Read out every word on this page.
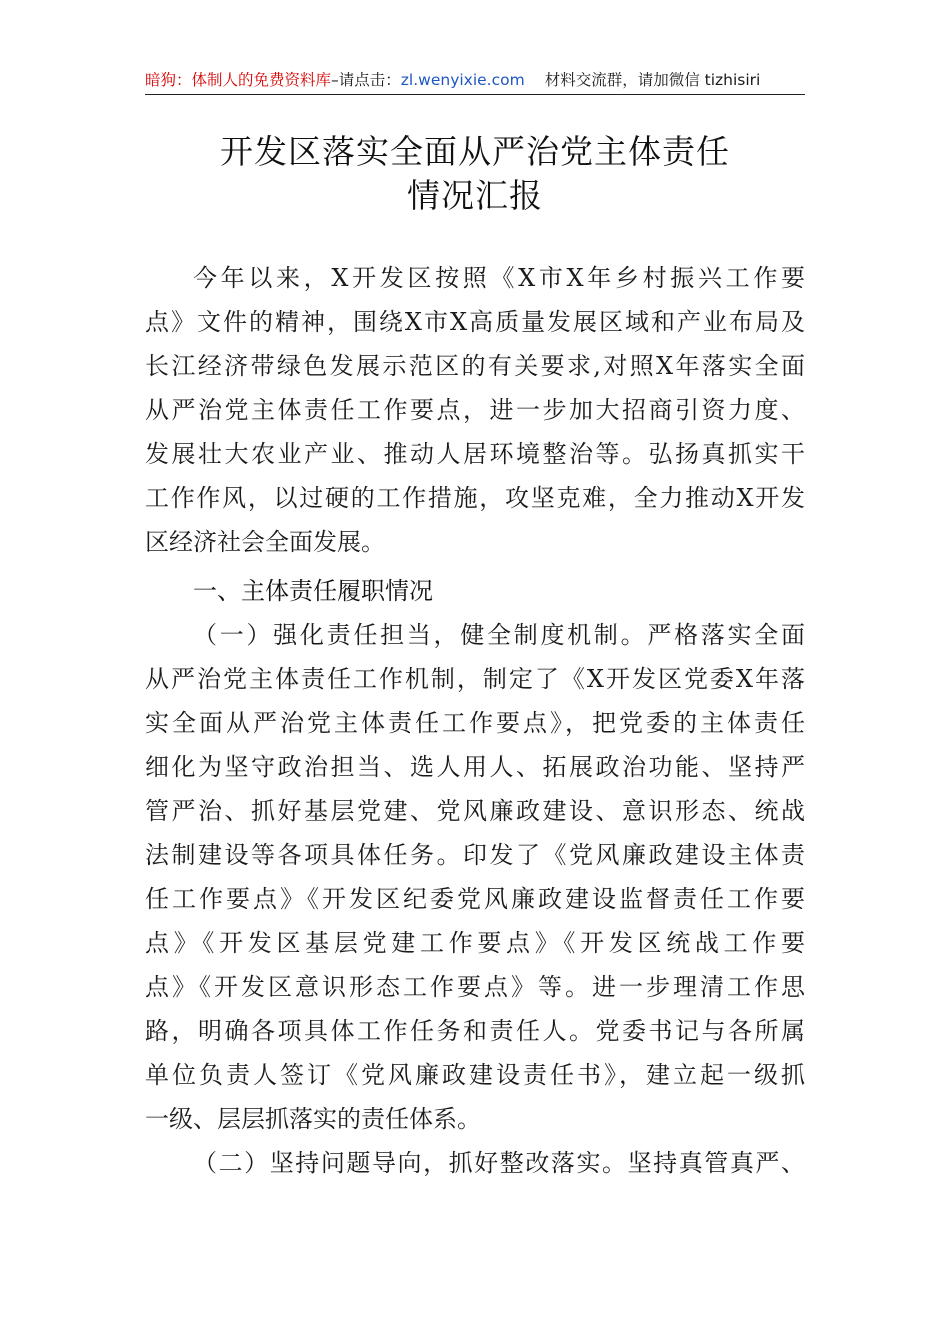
暗狗：体制人的免费资料库–请点击：zl.wenyixie.com 材料交流群，请加微信 tizhisiri
开发区落实全面从严治党主体责任
情况汇报
今年以来，X开发区按照《X市X年乡村振兴工作要
点》文件的精神，围绕X市X高质量发展区域和产业布局及
长江经济带绿色发展示范区的有关要求,对照X年落实全面
从严治党主体责任工作要点，进一步加大招商引资力度、
发展壮大农业产业、推动人居环境整治等。弘扬真抓实干
工作作风，以过硬的工作措施，攻坚克难，全力推动X开发
区经济社会全面发展。
一、主体责任履职情况
（一）强化责任担当，健全制度机制。严格落实全面
从严治党主体责任工作机制，制定了《X开发区党委X年落
实全面从严治党主体责任工作要点》，把党委的主体责任
细化为坚守政治担当、选人用人、拓展政治功能、坚持严
管严治、抓好基层党建、党风廉政建设、意识形态、统战
法制建设等各项具体任务。印发了《党风廉政建设主体责
任工作要点》《开发区纪委党风廉政建设监督责任工作要
点》《开发区基层党建工作要点》《开发区统战工作要
点》《开发区意识形态工作要点》等。进一步理清工作思
路，明确各项具体工作任务和责任人。党委书记与各所属
单位负责人签订《党风廉政建设责任书》，建立起一级抓
一级、层层抓落实的责任体系。
（二）坚持问题导向，抓好整改落实。坚持真管真严、
